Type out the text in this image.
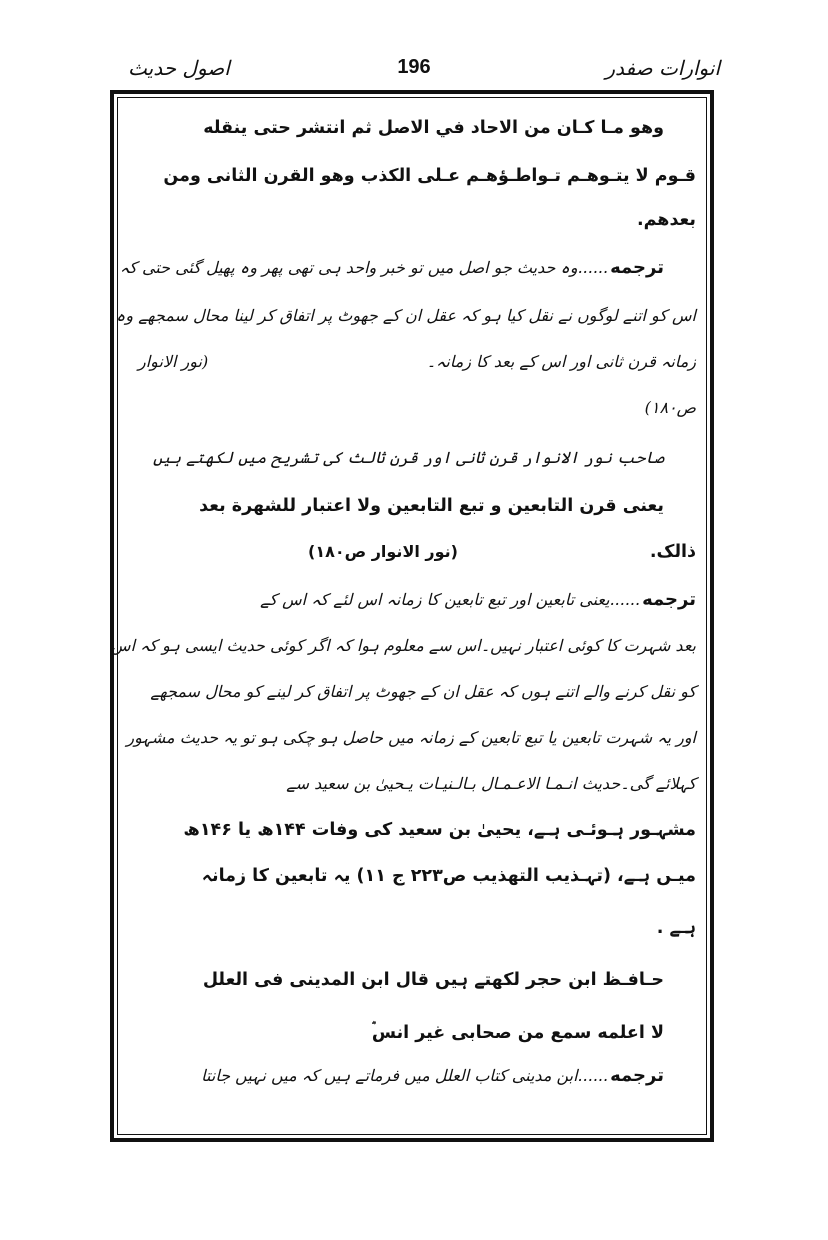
انوارات صفدر
196
اصول حدیث
وهو مـا كـان من الاحاد في الاصل ثم انتشر حتى ينقله
قـوم لا يتـوهـم تـواطـؤهـم عـلى الكذب وهو القرن الثانى ومن
بعدهم.
ترجمه......وہ حدیث جو اصل میں تو خبر واحد ہی تھی پھر وہ پھیل گئی حتی کہ
اس کو اتنے لوگوں نے نقل کیا ہو کہ عقل ان کے جھوٹ پر اتفاق کر لینا محال سمجھے وہ
زمانہ قرن ثانی اور اس کے بعد کا زمانہ۔
(نور الانوار
ص۱۸۰)
صاحب نور الانوار قرن ثانی اور قرن ثالث کی تشریح میں لکھتے ہیں
يعنى قرن التابعين و تبع التابعين ولا اعتبار للشهرة بعد
ذالک.
(نور الانوار ص۱۸۰)
ترجمه......یعنی تابعین اور تبع تابعین کا زمانہ اس لئے کہ اس کے
بعد شہرت کا کوئی اعتبار نہیں۔اس سے معلوم ہوا کہ اگر کوئی حدیث ایسی ہو کہ اس
کو نقل کرنے والے اتنے ہوں کہ عقل ان کے جھوٹ پر اتفاق کر لینے کو محال سمجھے
اور یہ شہرت تابعین یا تبع تابعین کے زمانہ میں حاصل ہو چکی ہو تو یہ حدیث مشہور
کہلائے گی۔حدیث انـمـا الاعـمـال بـالـنيـات يـحيىٰ بن سعيد سے
مشہـور ہـوئـی ہـے، یحییٰ بن سعید کی وفات ۱۴۴ھ یا ۱۴۶ھ
میـں ہـے، (تہـذیب التهذيب ص۲۲۳ ج ۱۱) یہ تابعین کا زمانہ
ہـے .
حـافـظ ابن حجر لکھتے ہیں قال ابن المدینی فی العلل
لا اعلمه سمع من صحابى غير انس
ترجمه......ابن مدینی کتاب العلل میں فرماتے ہیں کہ میں نہیں جانتا
